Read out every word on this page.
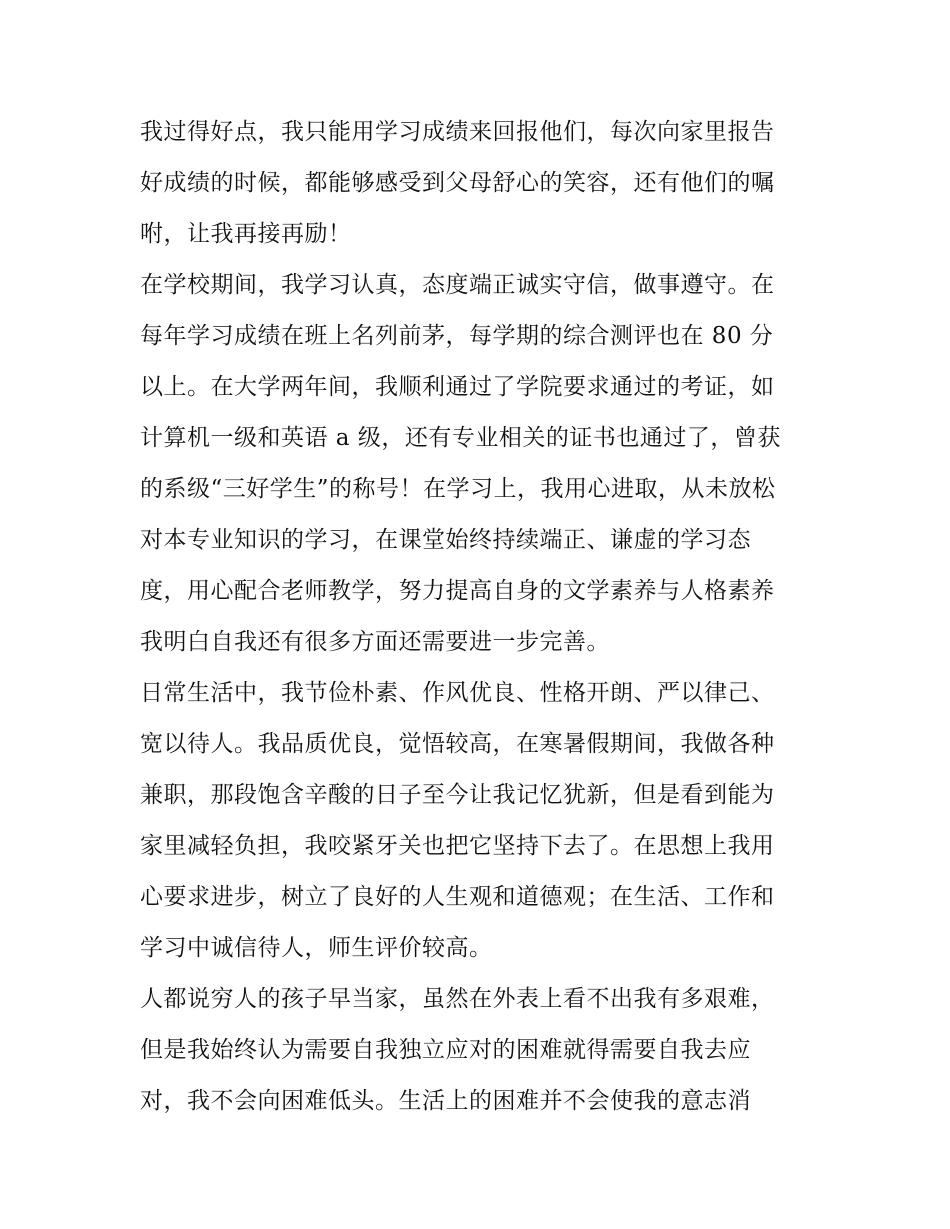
我过得好点，我只能用学习成绩来回报他们，每次向家里报告
好成绩的时候，都能够感受到父母舒心的笑容，还有他们的嘱
咐，让我再接再励！
在学校期间，我学习认真，态度端正诚实守信，做事遵守。在
每年学习成绩在班上名列前茅，每学期的综合测评也在 80 分
以上。在大学两年间，我顺利通过了学院要求通过的考证，如
计算机一级和英语 a 级，还有专业相关的证书也通过了，曾获
的系级“三好学生”的称号！在学习上，我用心进取，从未放松
对本专业知识的学习，在课堂始终持续端正、谦虚的学习态
度，用心配合老师教学，努力提高自身的文学素养与人格素养
我明白自我还有很多方面还需要进一步完善。
日常生活中，我节俭朴素、作风优良、性格开朗、严以律己、
宽以待人。我品质优良，觉悟较高，在寒暑假期间，我做各种
兼职，那段饱含辛酸的日子至今让我记忆犹新，但是看到能为
家里减轻负担，我咬紧牙关也把它坚持下去了。在思想上我用
心要求进步，树立了良好的人生观和道德观；在生活、工作和
学习中诚信待人，师生评价较高。
人都说穷人的孩子早当家，虽然在外表上看不出我有多艰难，
但是我始终认为需要自我独立应对的困难就得需要自我去应
对，我不会向困难低头。生活上的困难并不会使我的意志消
